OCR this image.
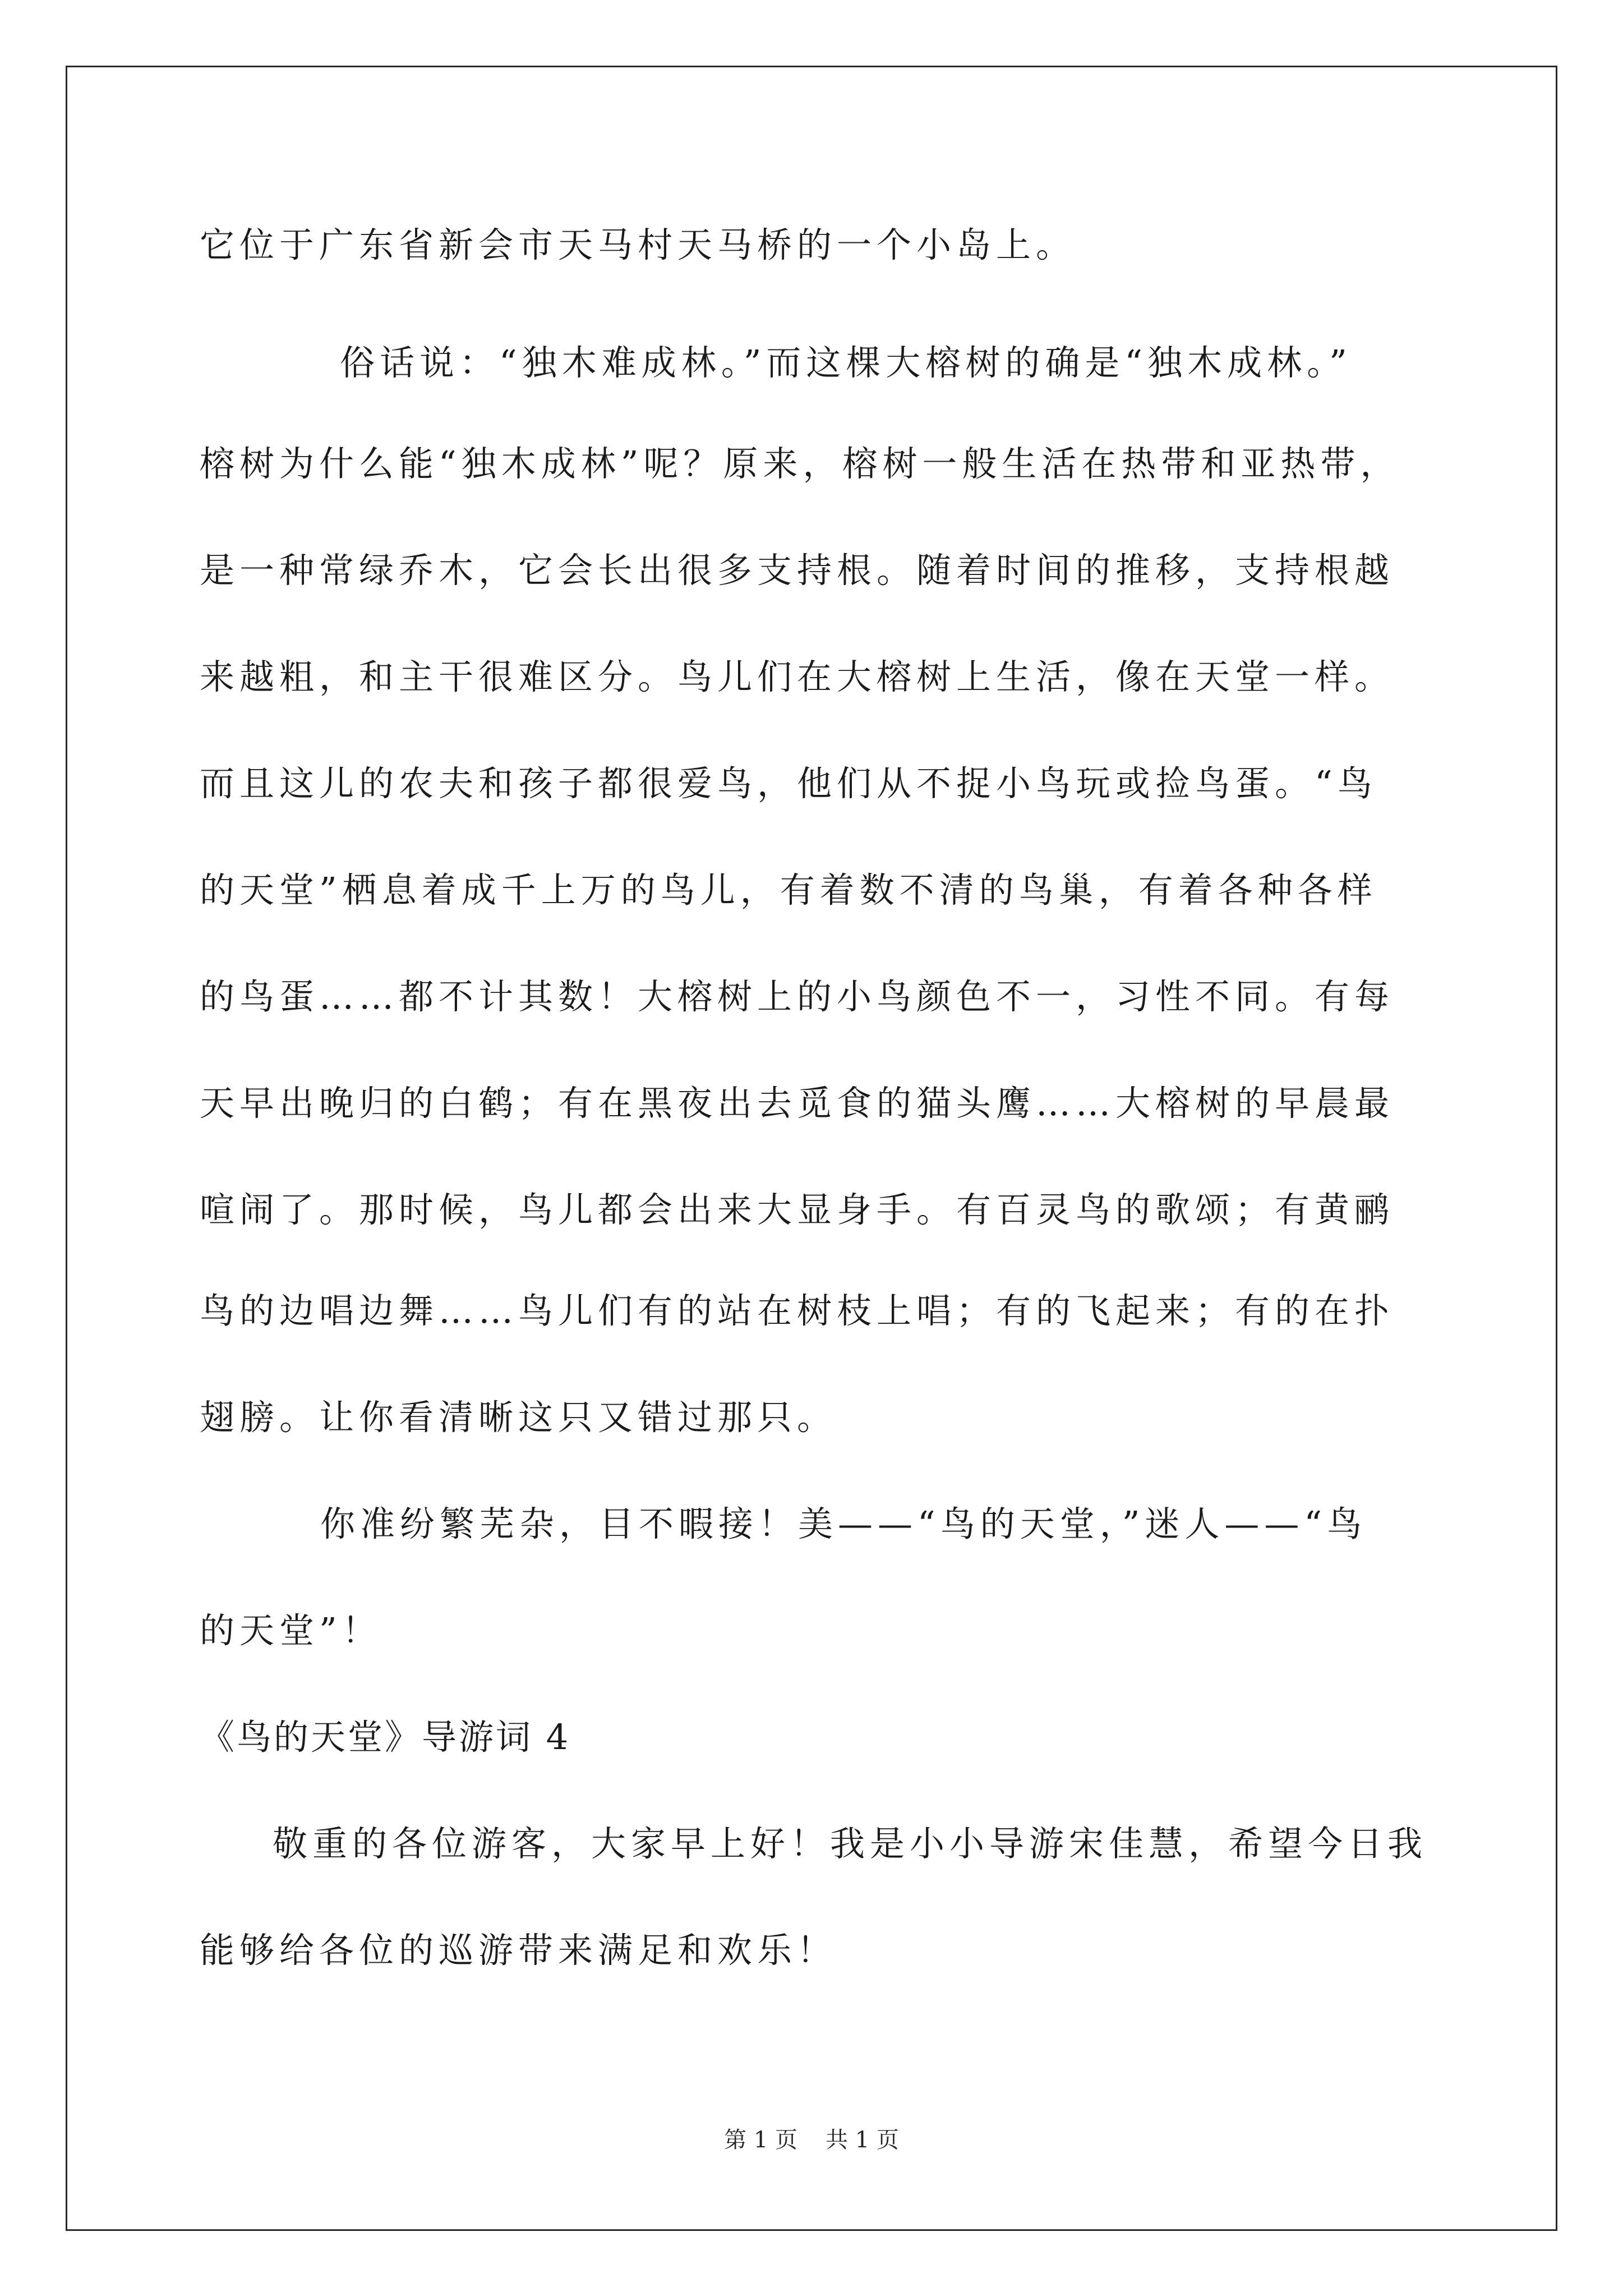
它位于广东省新会市天马村天马桥的一个小岛上。
俗话说：“独木难成林。”而这棵大榕树的确是“独木成林。”
榕树为什么能“独木成林”呢？原来，榕树一般生活在热带和亚热带，
是一种常绿乔木，它会长出很多支持根。随着时间的推移，支持根越
来越粗，和主干很难区分。鸟儿们在大榕树上生活，像在天堂一样。
而且这儿的农夫和孩子都很爱鸟，他们从不捉小鸟玩或捡鸟蛋。“鸟
的天堂”栖息着成千上万的鸟儿，有着数不清的鸟巢，有着各种各样
的鸟蛋……都不计其数！大榕树上的小鸟颜色不一，习性不同。有每
天早出晚归的白鹤；有在黑夜出去觅食的猫头鹰……大榕树的早晨最
喧闹了。那时候，鸟儿都会出来大显身手。有百灵鸟的歌颂；有黄鹂
鸟的边唱边舞……鸟儿们有的站在树枝上唱；有的飞起来；有的在扑
翅膀。让你看清晰这只又错过那只。
你准纷繁芜杂，目不暇接！美——“鸟的天堂，”迷人——“鸟
的天堂”！
《鸟的天堂》导游词 4
敬重的各位游客，大家早上好！我是小小导游宋佳慧，希望今日我
能够给各位的巡游带来满足和欢乐！
第 1 页 共 1 页
